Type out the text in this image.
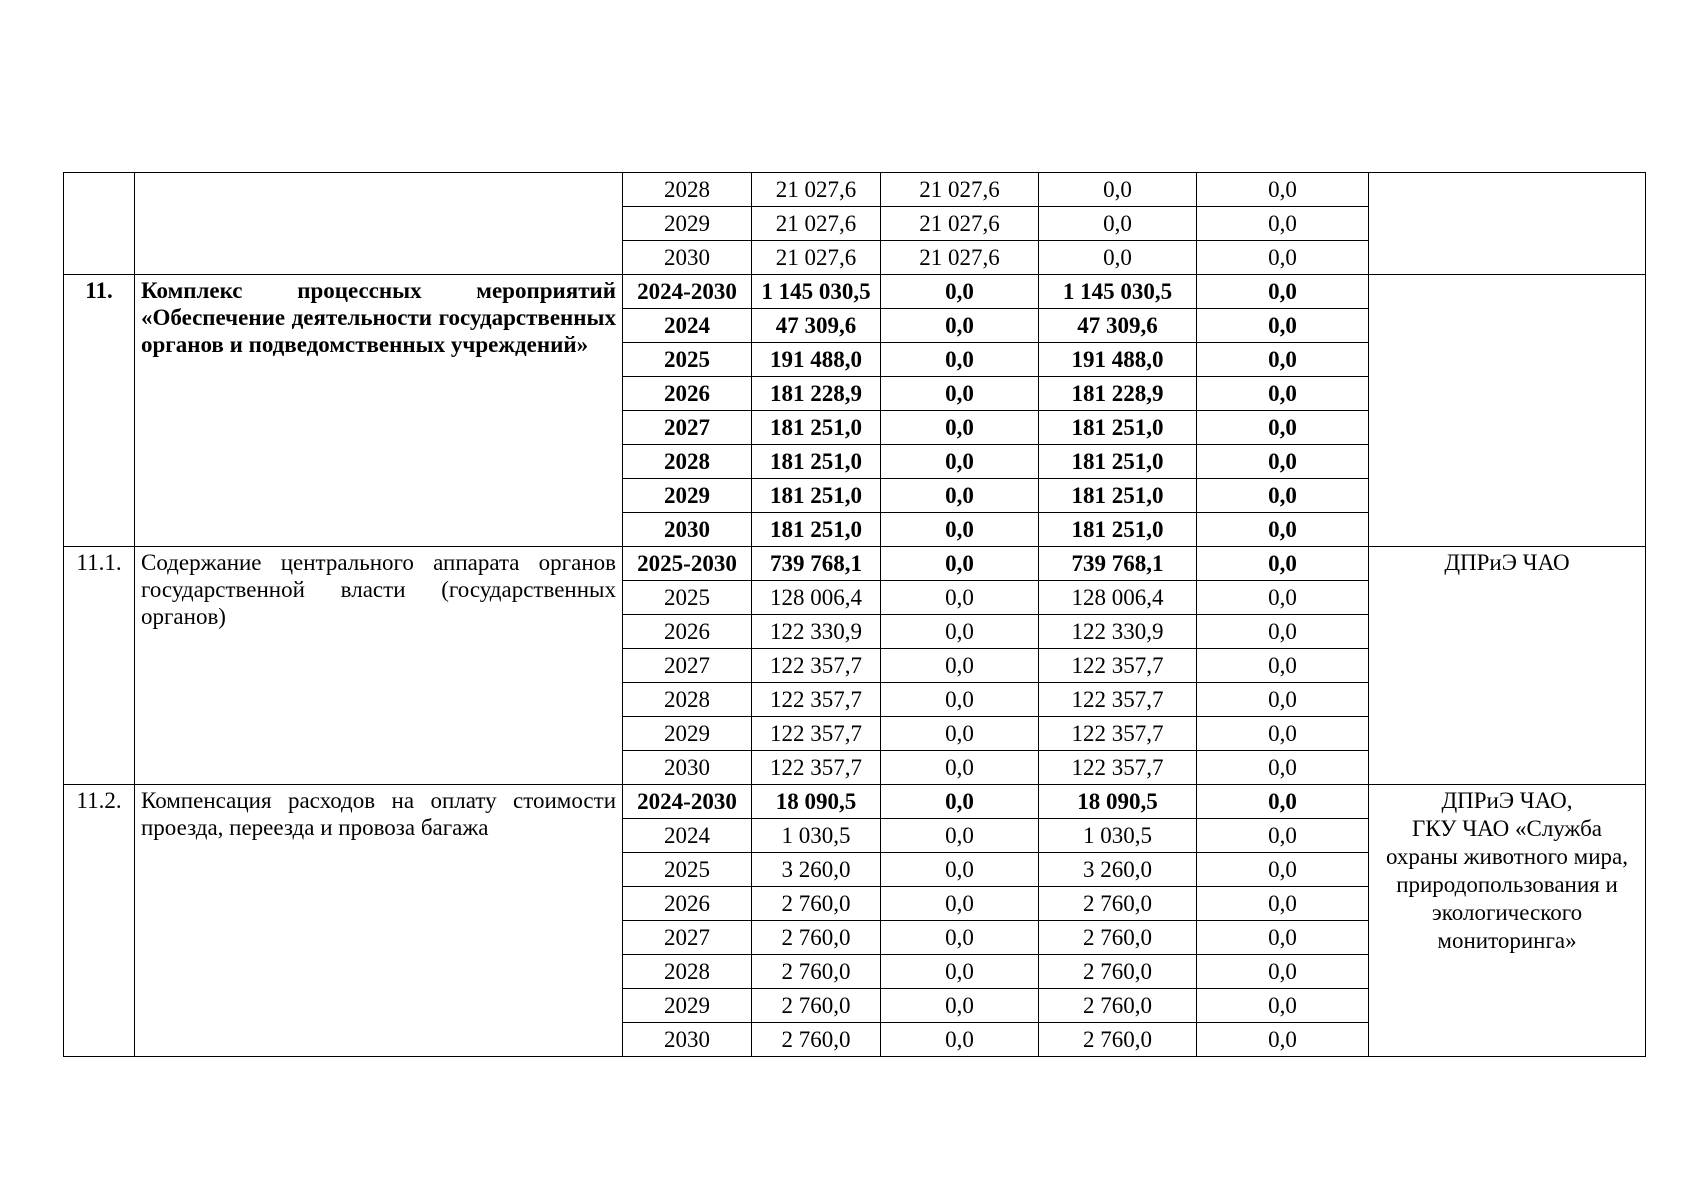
		2028	21 027,6	21 027,6	0,0	0,0	
		2029	21 027,6	21 027,6	0,0	0,0	
		2030	21 027,6	21 027,6	0,0	0,0	
11.	Комплекс процессных мероприятий «Обеспечение деятельности государственных органов и подведомственных учреждений»	2024-2030	1 145 030,5	0,0	1 145 030,5	0,0	
		2024	47 309,6	0,0	47 309,6	0,0	
		2025	191 488,0	0,0	191 488,0	0,0	
		2026	181 228,9	0,0	181 228,9	0,0	
		2027	181 251,0	0,0	181 251,0	0,0	
		2028	181 251,0	0,0	181 251,0	0,0	
		2029	181 251,0	0,0	181 251,0	0,0	
		2030	181 251,0	0,0	181 251,0	0,0	
11.1.	Содержание центрального аппарата органов государственной власти (государственных органов)	2025-2030	739 768,1	0,0	739 768,1	0,0	ДПРиЭ ЧАО
		2025	128 006,4	0,0	128 006,4	0,0	
		2026	122 330,9	0,0	122 330,9	0,0	
		2027	122 357,7	0,0	122 357,7	0,0	
		2028	122 357,7	0,0	122 357,7	0,0	
		2029	122 357,7	0,0	122 357,7	0,0	
		2030	122 357,7	0,0	122 357,7	0,0	
11.2.	Компенсация расходов на оплату стоимости проезда, переезда и провоза багажа	2024-2030	18 090,5	0,0	18 090,5	0,0	ДПРиЭ ЧАО,
ГКУ ЧАО «Служба охраны животного мира, природопользования и экологического мониторинга»
		2024	1 030,5	0,0	1 030,5	0,0	
		2025	3 260,0	0,0	3 260,0	0,0	
		2026	2 760,0	0,0	2 760,0	0,0	
		2027	2 760,0	0,0	2 760,0	0,0	
		2028	2 760,0	0,0	2 760,0	0,0	
		2029	2 760,0	0,0	2 760,0	0,0	
		2030	2 760,0	0,0	2 760,0	0,0	
